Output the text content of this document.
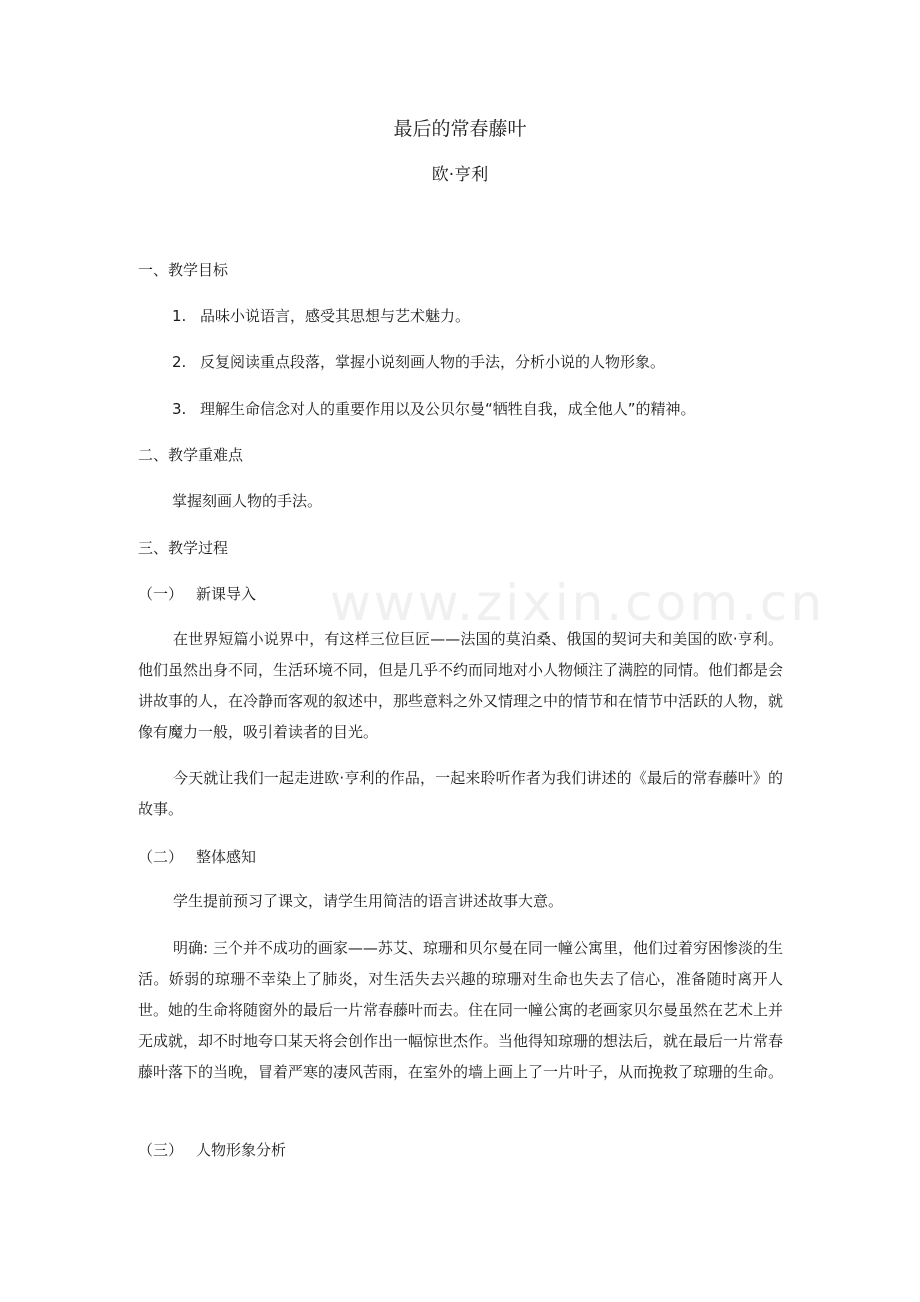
www.zixin.com.cn
最后的常春藤叶
欧·亨利
一、教学目标
1. 品味小说语言，感受其思想与艺术魅力。
2. 反复阅读重点段落，掌握小说刻画人物的手法，分析小说的人物形象。
3. 理解生命信念对人的重要作用以及公贝尔曼“牺牲自我，成全他人”的精神。
二、教学重难点
掌握刻画人物的手法。
三、教学过程
（一） 新课导入
在世界短篇小说界中，有这样三位巨匠——法国的莫泊桑、俄国的契诃夫和美国的欧·亨利。他们虽然出身不同，生活环境不同，但是几乎不约而同地对小人物倾注了满腔的同情。他们都是会讲故事的人，在冷静而客观的叙述中，那些意料之外又情理之中的情节和在情节中活跃的人物，就像有魔力一般，吸引着读者的目光。
今天就让我们一起走进欧·亨利的作品，一起来聆听作者为我们讲述的《最后的常春藤叶》的故事。
（二） 整体感知
学生提前预习了课文，请学生用简洁的语言讲述故事大意。
明确: 三个并不成功的画家——苏艾、琼珊和贝尔曼在同一幢公寓里，他们过着穷困惨淡的生活。娇弱的琼珊不幸染上了肺炎，对生活失去兴趣的琼珊对生命也失去了信心，准备随时离开人世。她的生命将随窗外的最后一片常春藤叶而去。住在同一幢公寓的老画家贝尔曼虽然在艺术上并无成就，却不时地夸口某天将会创作出一幅惊世杰作。当他得知琼珊的想法后，就在最后一片常春藤叶落下的当晚，冒着严寒的凄风苦雨，在室外的墙上画上了一片叶子，从而挽救了琼珊的生命。
（三） 人物形象分析
